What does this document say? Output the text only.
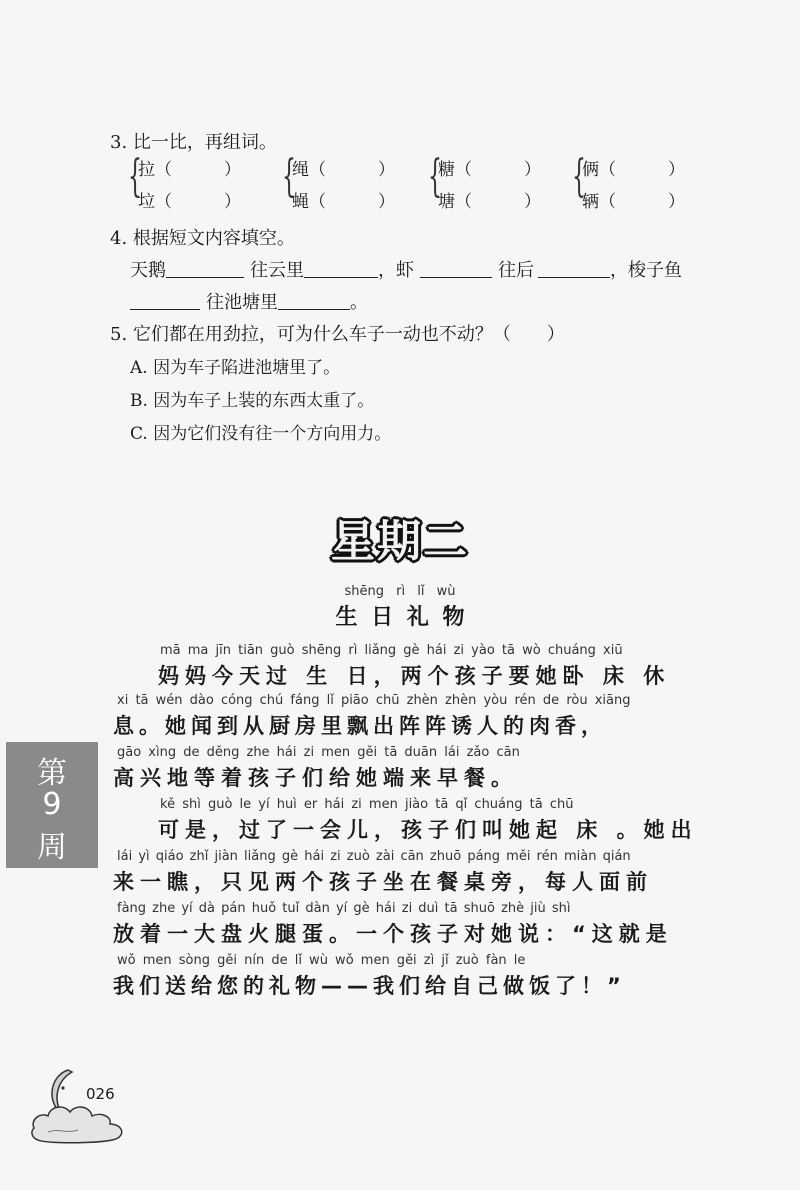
3. 比一比，再组词。
{
拉（	）
垃（	） {
绳（	）
蝇（	） {
糖（	）
塘（	） {
俩（	）
辆（	）
4. 根据短文内容填空。
天鹅	往云里	，虾	往后	，梭子鱼
往池塘里	。
5. 它们都在用劲拉，可为什么车子一动也不动？（　　）
A. 因为车子陷进池塘里了。
B. 因为车子上装的东西太重了。
C. 因为它们没有往一个方向用力。
星期二
shēng rì lǐ wù
生 日 礼 物
mā ma jīn tiān guò shēng rì liǎng gè hái zi yào tā wò chuáng xiū
妈妈今天过 生 日，两个孩子要她卧 床 休
xi tā wén dào cóng chú fáng lǐ piāo chū zhèn zhèn yòu rén de ròu xiāng
息。她闻到从厨房里飘出阵阵诱人的肉香，
gāo xìng de děng zhe hái zi men gěi tā duān lái zǎo cān
高兴地等着孩子们给她端来早餐。
kě shì guò le yí huì er hái zi men jiào tā qǐ chuáng tā chū
可是，过了一会儿，孩子们叫她起 床 。她出
lái yì qiáo zhǐ jiàn liǎng gè hái zi zuò zài cān zhuō páng měi rén miàn qián
来一瞧，只见两个孩子坐在餐桌旁，每人面前
fàng zhe yí dà pán huǒ tuǐ dàn yí gè hái zi duì tā shuō zhè jiù shì
放着一大盘火腿蛋。一个孩子对她说：“这就是
wǒ men sòng gěi nín de lǐ wù wǒ men gěi zì jǐ zuò fàn le
我们送给您的礼物——我们给自己做饭了！”
第
6
周
026
